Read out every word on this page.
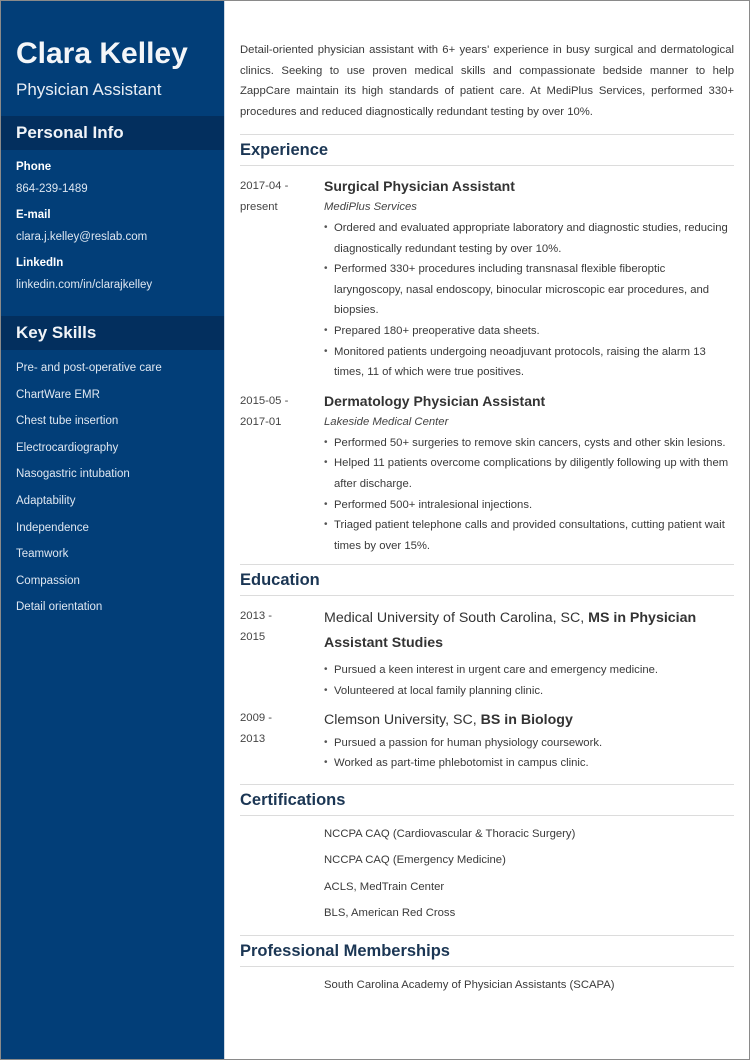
Clara Kelley
Physician Assistant
Personal Info
Phone
864-239-1489
E-mail
clara.j.kelley@reslab.com
LinkedIn
linkedin.com/in/clarajkelley
Key Skills
Pre- and post-operative care
ChartWare EMR
Chest tube insertion
Electrocardiography
Nasogastric intubation
Adaptability
Independence
Teamwork
Compassion
Detail orientation

Detail-oriented physician assistant with 6+ years' experience in busy surgical and dermatological clinics. Seeking to use proven medical skills and compassionate bedside manner to help ZappCare maintain its high standards of patient care. At MediPlus Services, performed 330+ procedures and reduced diagnostically redundant testing by over 10%.

Experience
2017-04 -
present
Surgical Physician Assistant
MediPlus Services
• Ordered and evaluated appropriate laboratory and diagnostic studies, reducing diagnostically redundant testing by over 10%.
• Performed 330+ procedures including transnasal flexible fiberoptic laryngoscopy, nasal endoscopy, binocular microscopic ear procedures, and biopsies.
• Prepared 180+ preoperative data sheets.
• Monitored patients undergoing neoadjuvant protocols, raising the alarm 13 times, 11 of which were true positives.
2015-05 -
2017-01
Dermatology Physician Assistant
Lakeside Medical Center
• Performed 50+ surgeries to remove skin cancers, cysts and other skin lesions.
• Helped 11 patients overcome complications by diligently following up with them after discharge.
• Performed 500+ intralesional injections.
• Triaged patient telephone calls and provided consultations, cutting patient wait times by over 15%.
Education
2013 -
2015
Medical University of South Carolina, SC, MS in Physician Assistant Studies
• Pursued a keen interest in urgent care and emergency medicine.
• Volunteered at local family planning clinic.
2009 -
2013
Clemson University, SC, BS in Biology
• Pursued a passion for human physiology coursework.
• Worked as part-time phlebotomist in campus clinic.
Certifications
NCCPA CAQ (Cardiovascular & Thoracic Surgery)
NCCPA CAQ (Emergency Medicine)
ACLS, MedTrain Center
BLS, American Red Cross
Professional Memberships
South Carolina Academy of Physician Assistants (SCAPA)
